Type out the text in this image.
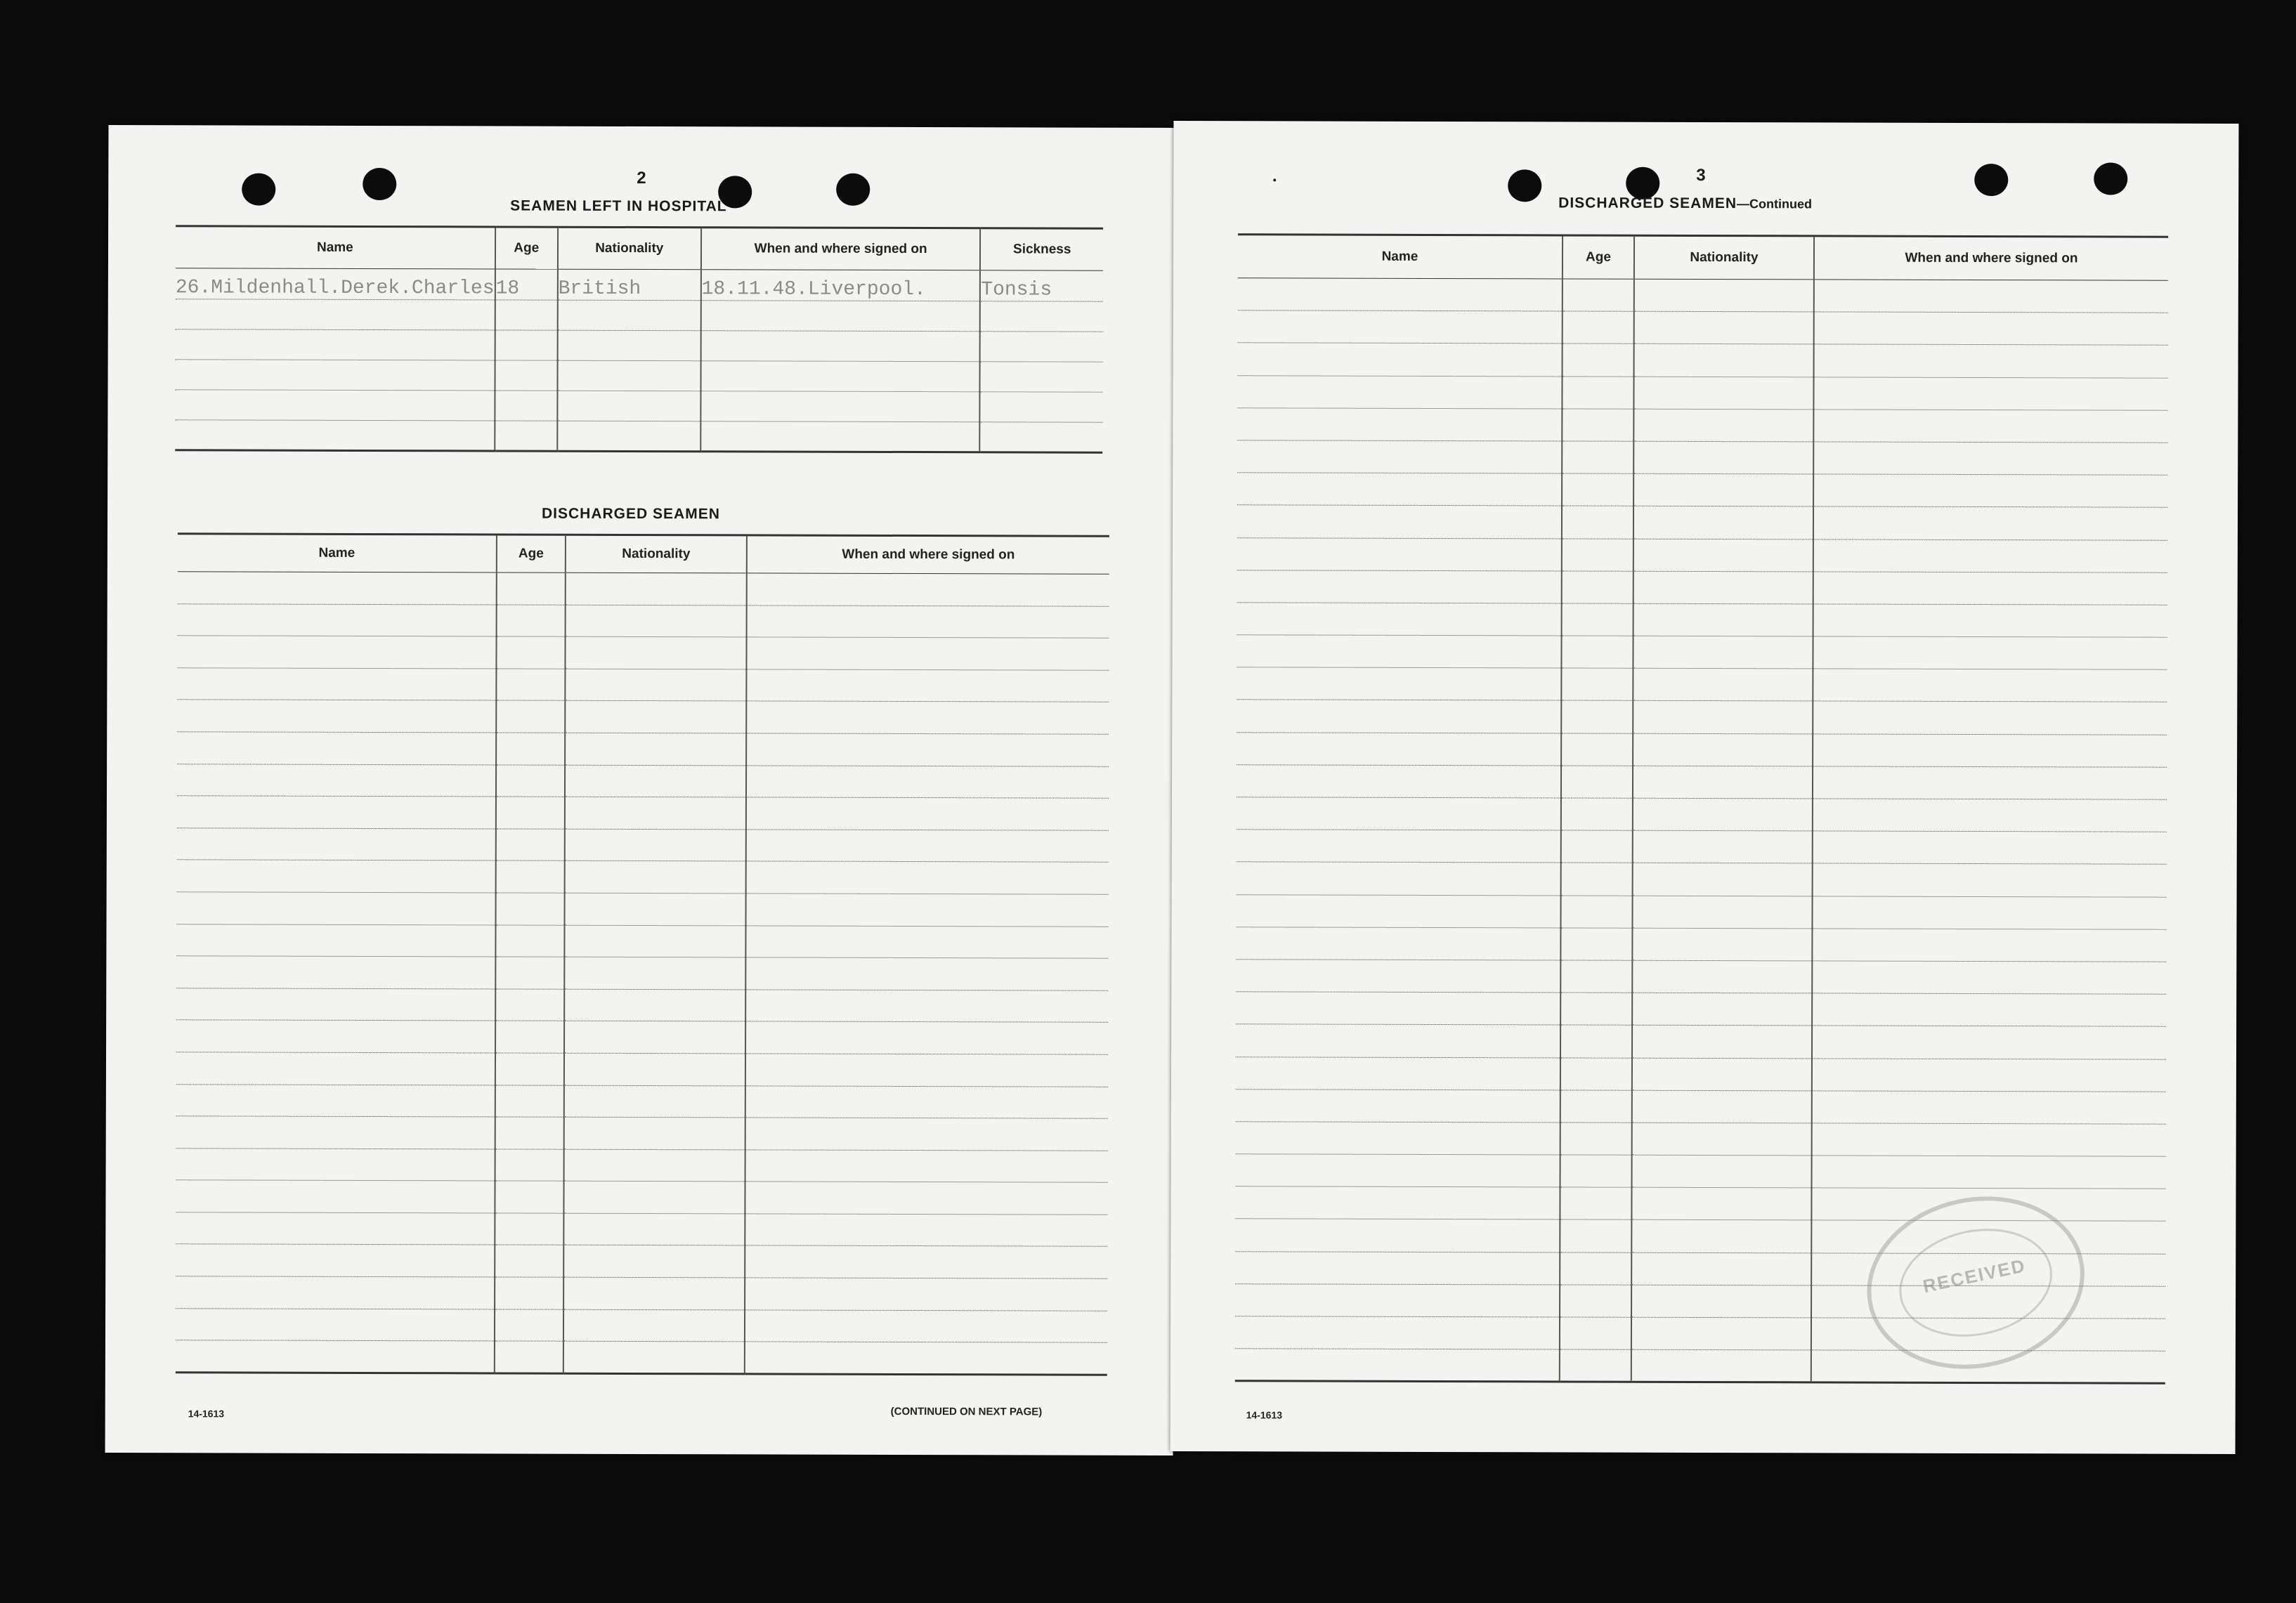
2
SEAMEN LEFT IN HOSPITAL
Name	Age	Nationality	When and where signed on	Sickness
26.Mildenhall.Derek.Charles	18	British	18.11.48.Liverpool.	Tonsis

DISCHARGED SEAMEN
Name	Age	Nationality	When and where signed on

14-1613	(CONTINUED ON NEXT PAGE)
3
DISCHARGED SEAMEN—Continued
Name	Age	Nationality	When and where signed on

RECEIVED
14-1613
